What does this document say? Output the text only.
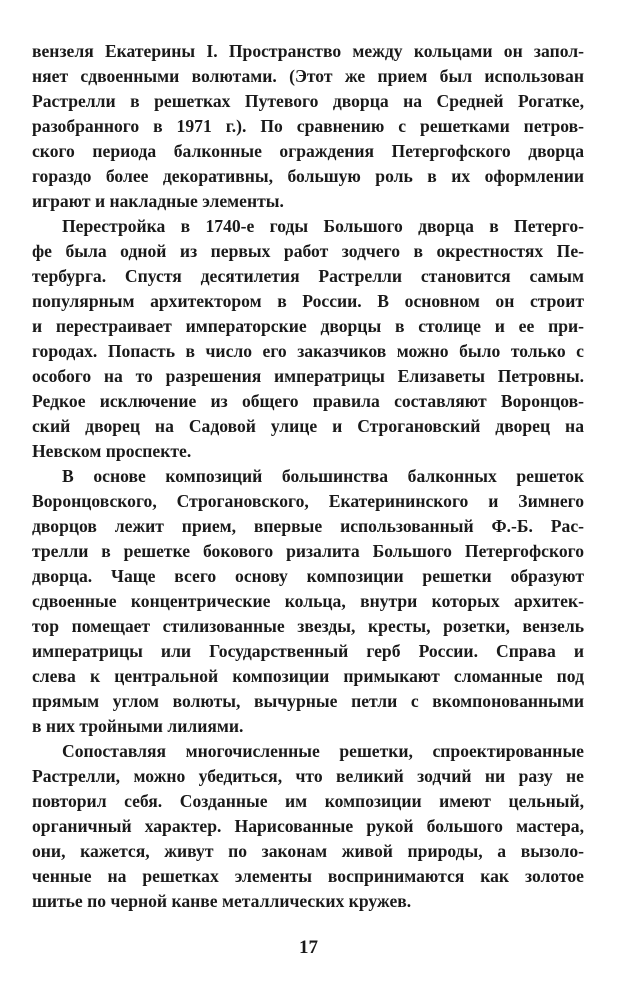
вензеля Екатерины I. Пространство между кольцами он запол-
няет сдвоенными волютами. (Этот же прием был использован
Растрелли в решетках Путевого дворца на Средней Рогатке,
разобранного в 1971 г.). По сравнению с решетками петров-
ского периода балконные ограждения Петергофского дворца
гораздо более декоративны, большую роль в их оформлении
играют и накладные элементы.
Перестройка в 1740-е годы Большого дворца в Петерго-
фе была одной из первых работ зодчего в окрестностях Пе-
тербурга. Спустя десятилетия Растрелли становится самым
популярным архитектором в России. В основном он строит
и перестраивает императорские дворцы в столице и ее при-
городах. Попасть в число его заказчиков можно было только с
особого на то разрешения императрицы Елизаветы Петровны.
Редкое исключение из общего правила составляют Воронцов-
ский дворец на Садовой улице и Строгановский дворец на
Невском проспекте.
В основе композиций большинства балконных решеток
Воронцовского, Строгановского, Екатерининского и Зимнего
дворцов лежит прием, впервые использованный Ф.-Б. Рас-
трелли в решетке бокового ризалита Большого Петергофского
дворца. Чаще всего основу композиции решетки образуют
сдвоенные концентрические кольца, внутри которых архитек-
тор помещает стилизованные звезды, кресты, розетки, вензель
императрицы или Государственный герб России. Справа и
слева к центральной композиции примыкают сломанные под
прямым углом волюты, вычурные петли с вкомпонованными
в них тройными лилиями.
Сопоставляя многочисленные решетки, спроектированные
Растрелли, можно убедиться, что великий зодчий ни разу не
повторил себя. Созданные им композиции имеют цельный,
органичный характер. Нарисованные рукой большого мастера,
они, кажется, живут по законам живой природы, а вызоло-
ченные на решетках элементы воспринимаются как золотое
шитье по черной канве металлических кружев.
17
